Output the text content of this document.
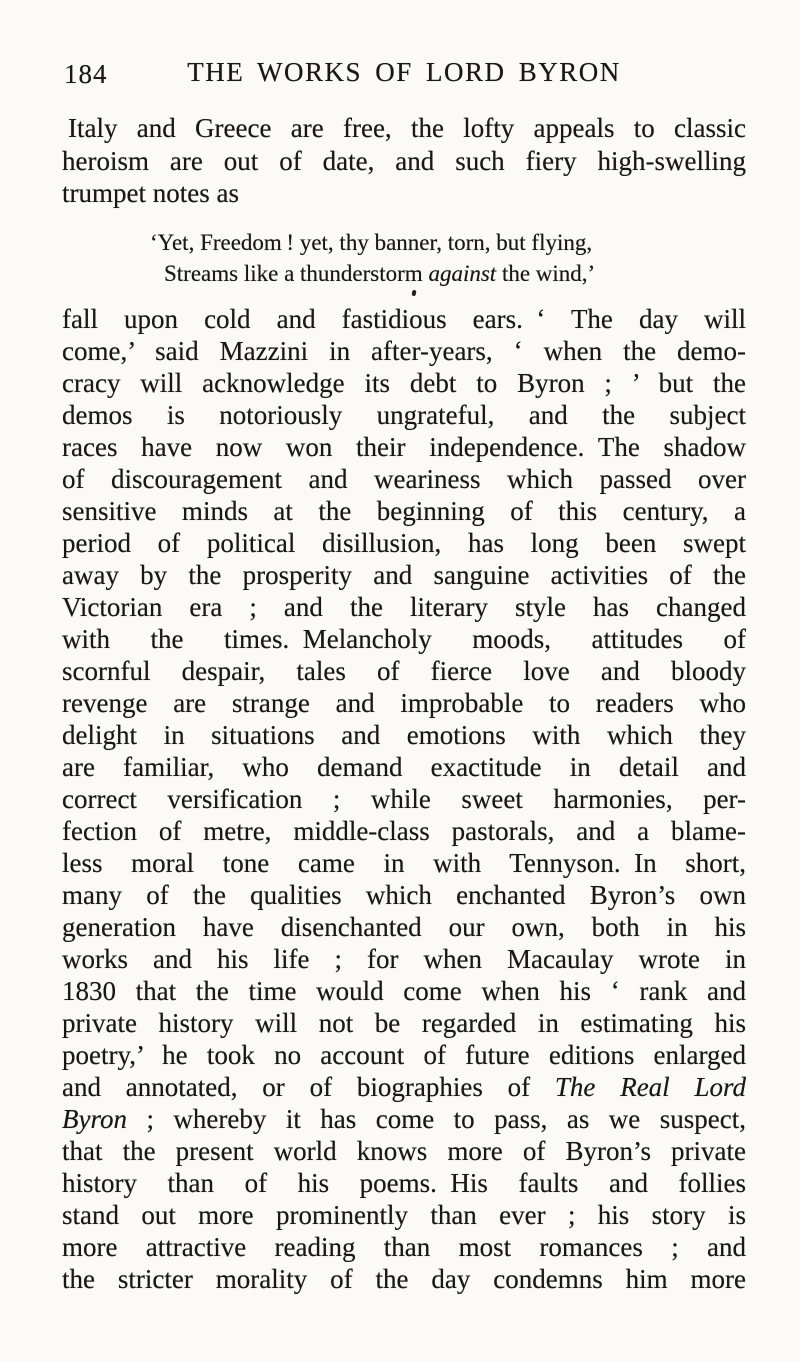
184	THE WORKS OF LORD BYRON
Italy and Greece are free, the lofty appeals to classic
heroism are out of date, and such fiery high-swelling
trumpet notes as
‘Yet, Freedom ! yet, thy banner, torn, but flying,
Streams like a thunderstorm against the wind,’
fall upon cold and fastidious ears. ‘ The day will
come,’ said Mazzini in after-years, ‘ when the demo-
cracy will acknowledge its debt to Byron ; ’ but the
demos is notoriously ungrateful, and the subject
races have now won their independence. The shadow
of discouragement and weariness which passed over
sensitive minds at the beginning of this century, a
period of political disillusion, has long been swept
away by the prosperity and sanguine activities of the
Victorian era ; and the literary style has changed
with the times. Melancholy moods, attitudes of
scornful despair, tales of fierce love and bloody
revenge are strange and improbable to readers who
delight in situations and emotions with which they
are familiar, who demand exactitude in detail and
correct versification ; while sweet harmonies, per-
fection of metre, middle-class pastorals, and a blame-
less moral tone came in with Tennyson. In short,
many of the qualities which enchanted Byron’s own
generation have disenchanted our own, both in his
works and his life ; for when Macaulay wrote in
1830 that the time would come when his ‘ rank and
private history will not be regarded in estimating his
poetry,’ he took no account of future editions enlarged
and annotated, or of biographies of The Real Lord
Byron ; whereby it has come to pass, as we suspect,
that the present world knows more of Byron’s private
history than of his poems. His faults and follies
stand out more prominently than ever ; his story is
more attractive reading than most romances ; and
the stricter morality of the day condemns him more
